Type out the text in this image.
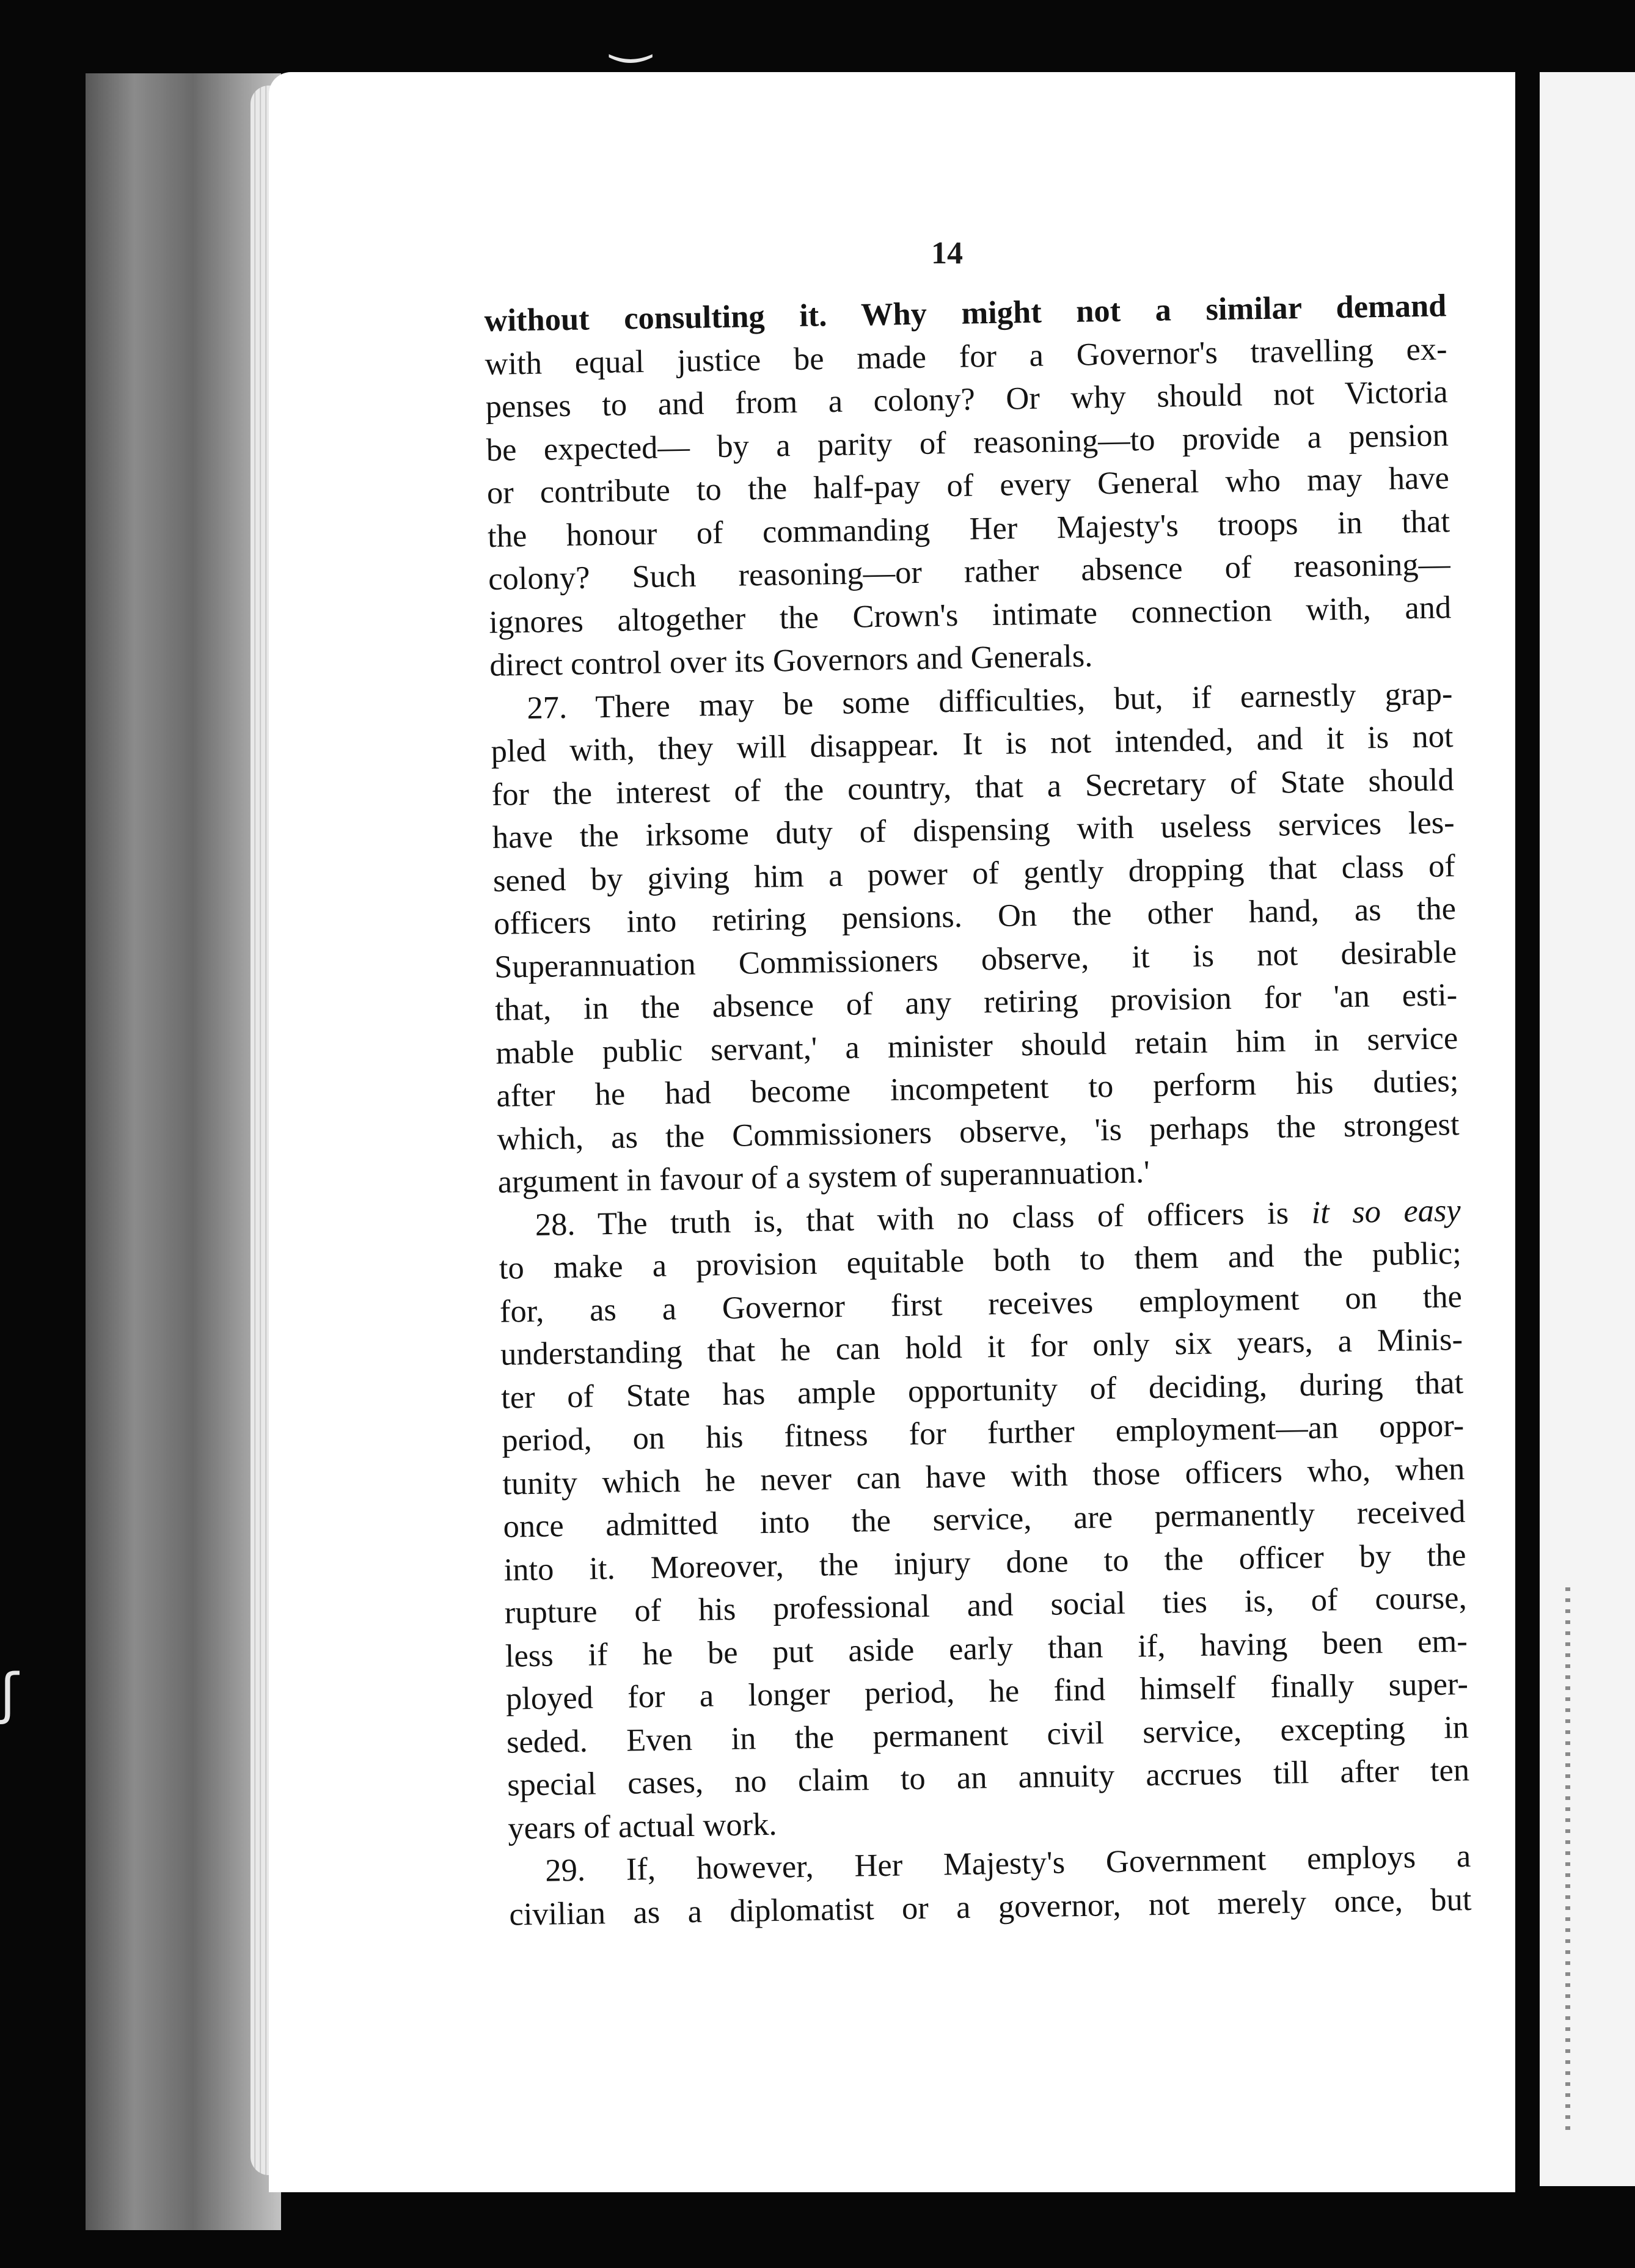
‿
ʃ
14
without consulting it. Why might not a similar demand
with equal justice be made for a Governor's travelling ex-
penses to and from a colony? Or why should not Victoria
be expected— by a parity of reasoning—to provide a pension
or contribute to the half-pay of every General who may have
the honour of commanding Her Majesty's troops in that
colony? Such reasoning—or rather absence of reasoning—
ignores altogether the Crown's intimate connection with, and
direct control over its Governors and Generals.
27. There may be some difficulties, but, if earnestly grap-
pled with, they will disappear. It is not intended, and it is not
for the interest of the country, that a Secretary of State should
have the irksome duty of dispensing with useless services les-
sened by giving him a power of gently dropping that class of
officers into retiring pensions. On the other hand, as the
Superannuation Commissioners observe, it is not desirable
that, in the absence of any retiring provision for 'an esti-
mable public servant,' a minister should retain him in service
after he had become incompetent to perform his duties;
which, as the Commissioners observe, 'is perhaps the strongest
argument in favour of a system of superannuation.'
28. The truth is, that with no class of officers is it so easy
to make a provision equitable both to them and the public;
for, as a Governor first receives employment on the
understanding that he can hold it for only six years, a Minis-
ter of State has ample opportunity of deciding, during that
period, on his fitness for further employment—an oppor-
tunity which he never can have with those officers who, when
once admitted into the service, are permanently received
into it. Moreover, the injury done to the officer by the
rupture of his professional and social ties is, of course,
less if he be put aside early than if, having been em-
ployed for a longer period, he find himself finally super-
seded. Even in the permanent civil service, excepting in
special cases, no claim to an annuity accrues till after ten
years of actual work.
29. If, however, Her Majesty's Government employs a
civilian as a diplomatist or a governor, not merely once, but
